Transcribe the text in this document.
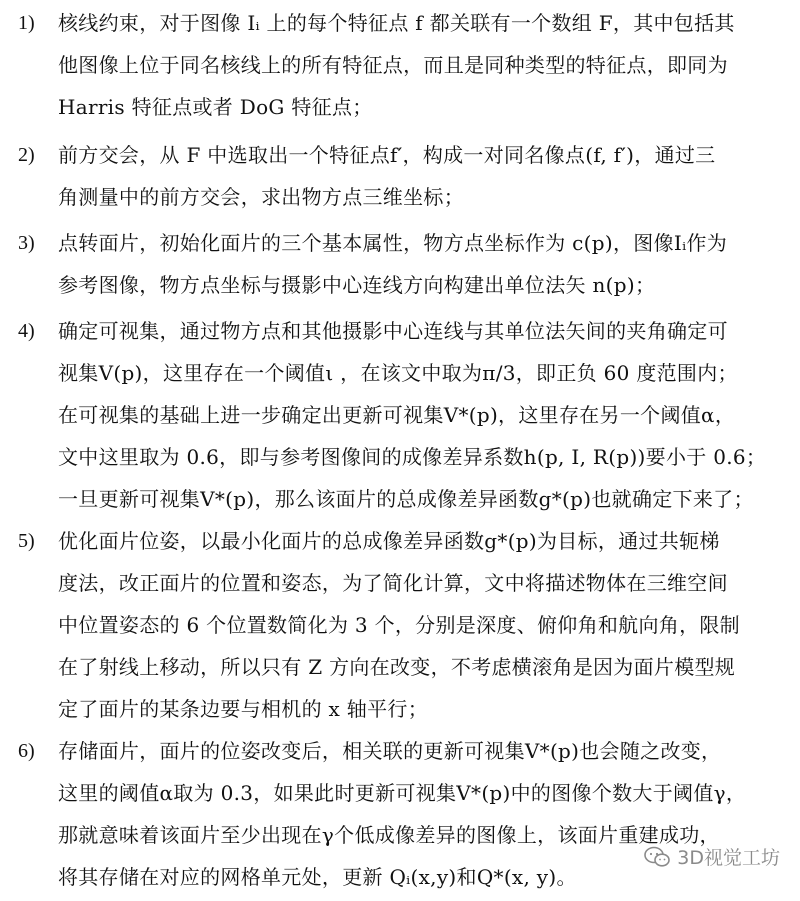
1) 核线约束，对于图像 Iᵢ 上的每个特征点 f 都关联有一个数组 F，其中包括其
他图像上位于同名核线上的所有特征点，而且是同种类型的特征点，即同为
Harris 特征点或者 DoG 特征点；
2) 前方交会，从 F 中选取出一个特征点f′，构成一对同名像点(f, f′)，通过三
角测量中的前方交会，求出物方点三维坐标；
3) 点转面片，初始化面片的三个基本属性，物方点坐标作为 c(p)，图像Iᵢ作为
参考图像，物方点坐标与摄影中心连线方向构建出单位法矢 n(p)；
4) 确定可视集，通过物方点和其他摄影中心连线与其单位法矢间的夹角确定可
视集V(p)，这里存在一个阈值ι ，在该文中取为π/3，即正负 60 度范围内；
在可视集的基础上进一步确定出更新可视集V*(p)，这里存在另一个阈值α，
文中这里取为 0.6，即与参考图像间的成像差异系数h(p, I, R(p))要小于 0.6；
一旦更新可视集V*(p)，那么该面片的总成像差异函数g*(p)也就确定下来了；
5) 优化面片位姿，以最小化面片的总成像差异函数g*(p)为目标，通过共轭梯
度法，改正面片的位置和姿态，为了简化计算，文中将描述物体在三维空间
中位置姿态的 6 个位置数简化为 3 个，分别是深度、俯仰角和航向角，限制
在了射线上移动，所以只有 Z 方向在改变，不考虑横滚角是因为面片模型规
定了面片的某条边要与相机的 x 轴平行；
6) 存储面片，面片的位姿改变后，相关联的更新可视集V*(p)也会随之改变，
这里的阈值α取为 0.3，如果此时更新可视集V*(p)中的图像个数大于阈值γ，
那就意味着该面片至少出现在γ个低成像差异的图像上，该面片重建成功，
将其存储在对应的网格单元处，更新 Qᵢ(x,y)和Q*(x, y)。
3D视觉工坊
